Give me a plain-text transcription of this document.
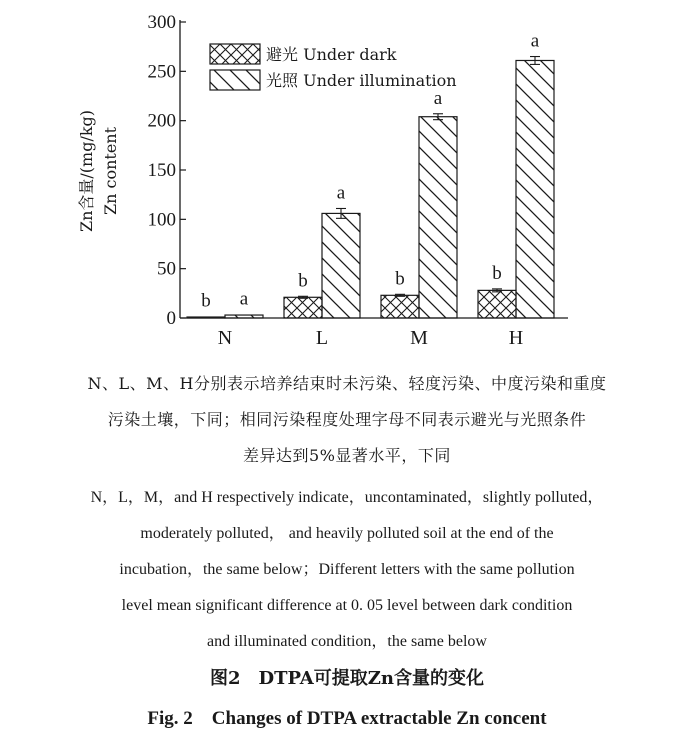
Zn含量/(mg/kg) Zn content
0
50
100
150
200
250
300
b a
b
a
b
a
b
a
N	L	M	H
避光 Under dark
光照 Under illumination
N、L、M、H分别表示培养结束时未污染、轻度污染、中度污染和重度
污染土壤，下同；相同污染程度处理字母不同表示避光与光照条件
差异达到5%显著水平，下同
N，L，M，and H respectively indicate，uncontaminated，slightly polluted，
moderately polluted， and heavily polluted soil at the end of the
incubation，the same below；Different letters with the same pollution
level mean significant difference at 0. 05 level between dark condition
and illuminated condition，the same below
图2　DTPA可提取Zn含量的变化
Fig. 2　Changes of DTPA extractable Zn concent
